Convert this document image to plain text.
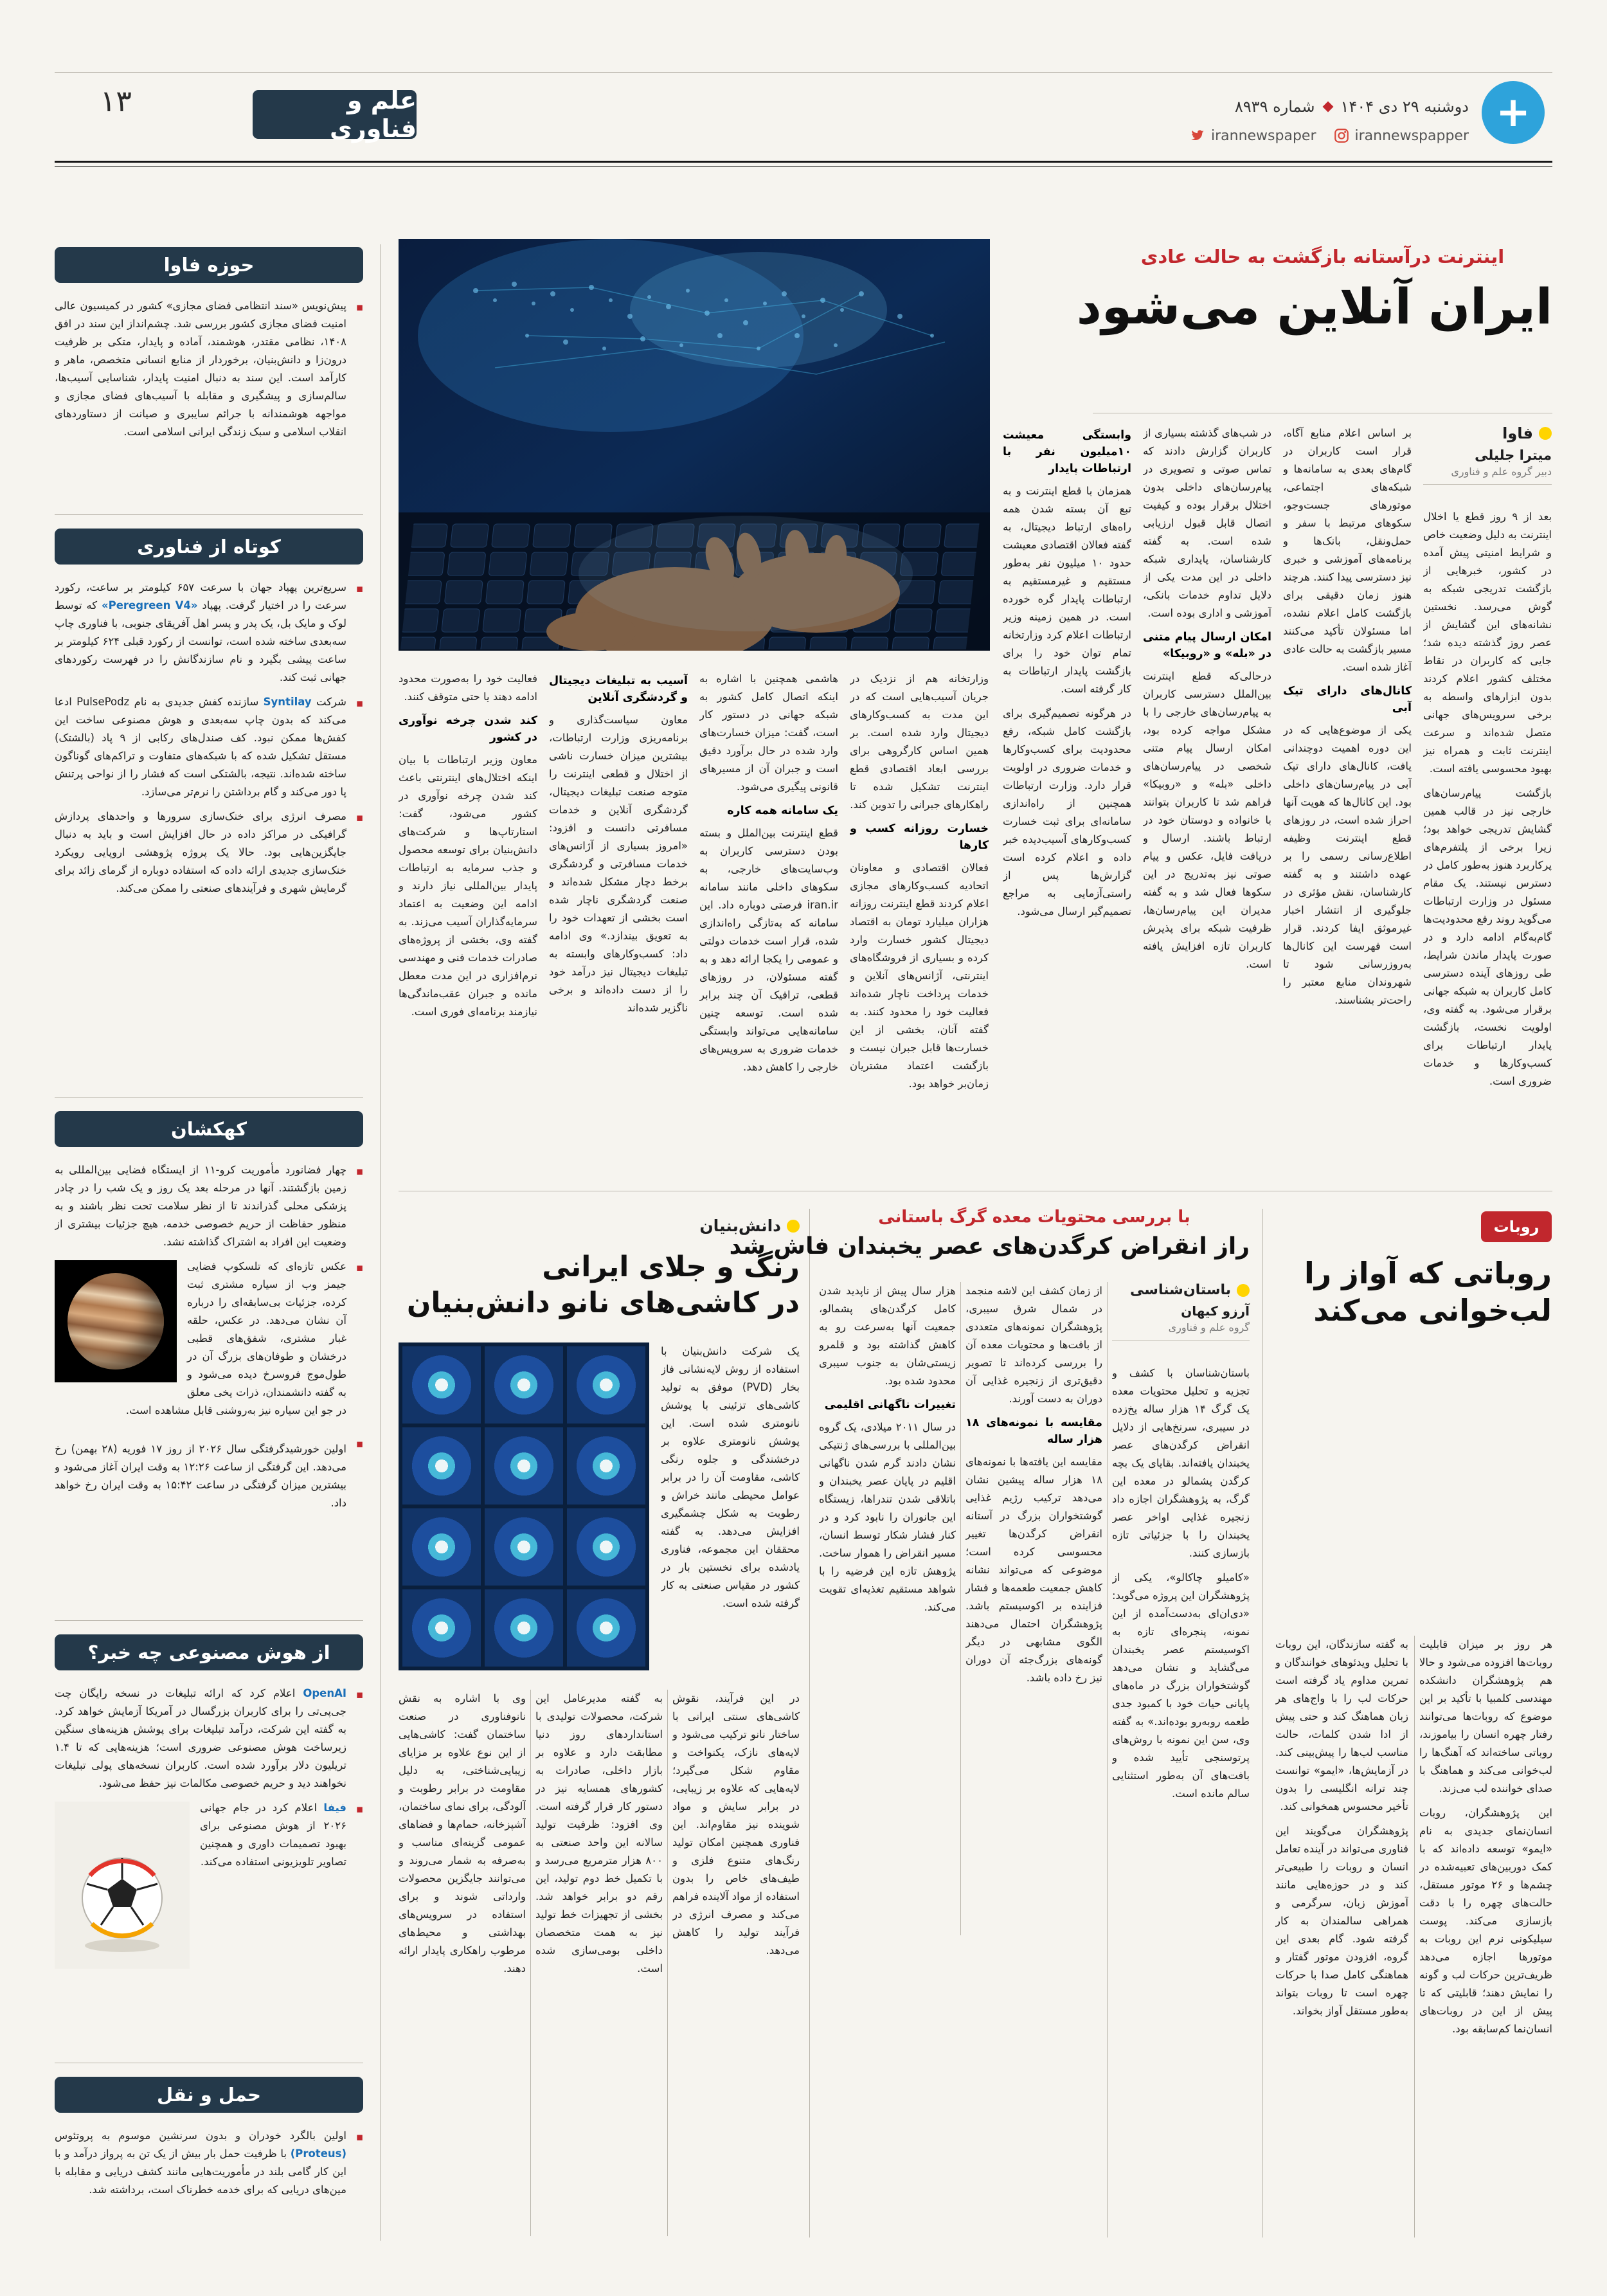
۱۳	علم و فناوری
دوشنبه ۲۹ دی ۱۴۰۴شماره ۸۹۳۹
irannewspaper	irannewspapper +
اینترنت درآستانه بازگشت به حالت عادی
ایران آنلاین می‌شود
فاوا
میترا جلیلی
دبیر گروه علم و فناوری

بعد از ۹ روز قطع یا اخلال اینترنت به دلیل وضعیت خاص و شرایط امنیتی پیش آمده در کشور، خبرهایی از بازگشت تدریجی شبکه به گوش می‌رسد. نخستین نشانه‌های این گشایش از عصر روز گذشته دیده شد؛ جایی که کاربران در نقاط مختلف کشور اعلام کردند بدون ابزارهای واسطه به برخی سرویس‌های جهانی متصل شده‌اند و سرعت اینترنت ثابت و همراه نیز بهبود محسوسی یافته است.

بازگشت پیام‌رسان‌های خارجی نیز در قالب همین گشایش تدریجی خواهد بود؛ زیرا برخی از پلتفرم‌های پرکاربرد هنوز به‌طور کامل در دسترس نیستند. یک مقام مسئول در وزارت ارتباطات می‌گوید روند رفع محدودیت‌ها گام‌به‌گام ادامه دارد و در صورت پایدار ماندن شرایط، طی روزهای آینده دسترسی کامل کاربران به شبکه جهانی برقرار می‌شود. به گفته وی، اولویت نخست، بازگشت پایدار ارتباطات برای کسب‌وکارها و خدمات ضروری است.

بر اساس اعلام منابع آگاه، قرار است کاربران در گام‌های بعدی به سامانه‌ها و شبکه‌های اجتماعی، موتورهای جست‌وجو، سکوهای مرتبط با سفر و حمل‌ونقل، بانک‌ها و برنامه‌های آموزشی و خبری نیز دسترسی پیدا کنند. هرچند هنوز زمان دقیقی برای بازگشت کامل اعلام نشده، اما مسئولان تأکید می‌کنند مسیر بازگشت به حالت عادی آغاز شده است.

کانال‌های دارای تیک آبی

یکی از موضوع‌هایی که در این دوره اهمیت دوچندانی یافت، کانال‌های دارای تیک آبی در پیام‌رسان‌های داخلی بود. این کانال‌ها که هویت آنها احراز شده است، در روزهای قطع اینترنت وظیفه اطلاع‌رسانی رسمی را بر عهده داشتند و به گفته کارشناسان، نقش مؤثری در جلوگیری از انتشار اخبار غیرموثق ایفا کردند. قرار است فهرست این کانال‌ها به‌روزرسانی شود تا شهروندان منابع معتبر را راحت‌تر بشناسند.

در شب‌های گذشته بسیاری از کاربران گزارش دادند که تماس صوتی و تصویری در پیام‌رسان‌های داخلی بدون اختلال برقرار بوده و کیفیت اتصال قابل قبول ارزیابی شده است. به گفته کارشناسان، پایداری شبکه داخلی در این مدت یکی از دلایل تداوم خدمات بانکی، آموزشی و اداری بوده است.

امکان ارسال پیام متنی در «بله» و «روبیکا»

درحالی‌که قطع اینترنت بین‌الملل دسترسی کاربران به پیام‌رسان‌های خارجی را با مشکل مواجه کرده بود، امکان ارسال پیام متنی شخصی در پیام‌رسان‌های داخلی «بله» و «روبیکا» فراهم شد تا کاربران بتوانند با خانواده و دوستان خود در ارتباط باشند. ارسال و دریافت فایل، عکس و پیام صوتی نیز به‌تدریج در این سکوها فعال شد و به گفته مدیران این پیام‌رسان‌ها، ظرفیت شبکه برای پذیرش کاربران تازه افزایش یافته است.

وابستگی معیشت ۱۰میلیون نفر با ارتباطات پایدار

همزمان با قطع اینترنت و به تبع آن بسته شدن همه راه‌های ارتباط دیجیتال، به گفته فعالان اقتصادی معیشت حدود ۱۰ میلیون نفر به‌طور مستقیم و غیرمستقیم به ارتباطات پایدار گره خورده است. در همین زمینه وزیر ارتباطات اعلام کرد وزارتخانه تمام توان خود را برای بازگشت پایدار ارتباطات به کار گرفته است.

در هرگونه تصمیم‌گیری برای بازگشت کامل شبکه، رفع محدودیت برای کسب‌وکارها و خدمات ضروری در اولویت قرار دارد. وزارت ارتباطات همچنین از راه‌اندازی سامانه‌ای برای ثبت خسارت کسب‌وکارهای آسیب‌دیده خبر داده و اعلام کرده است گزارش‌ها پس از راستی‌آزمایی به مراجع تصمیم‌گیر ارسال می‌شود.

وزارتخانه هم از نزدیک در جریان آسیب‌هایی است که در این مدت به کسب‌وکارهای دیجیتال وارد شده است. بر همین اساس کارگروهی برای بررسی ابعاد اقتصادی قطع اینترنت تشکیل شده تا راهکارهای جبرانی را تدوین کند.

خسارت روزانه کسب و کارها

فعالان اقتصادی و معاونان اتحادیه کسب‌وکارهای مجازی اعلام کردند قطع اینترنت روزانه هزاران میلیارد تومان به اقتصاد دیجیتال کشور خسارت وارد کرده و بسیاری از فروشگاه‌های اینترنتی، آژانس‌های آنلاین و خدمات پرداخت ناچار شده‌اند فعالیت خود را محدود کنند. به گفته آنان، بخشی از این خسارت‌ها قابل جبران نیست و بازگشت اعتماد مشتریان زمان‌بر خواهد بود.

هاشمی همچنین با اشاره به اینکه اتصال کامل کشور به شبکه جهانی در دستور کار است، گفت: میزان خسارت‌های وارد شده در حال برآورد دقیق است و جبران آن از مسیرهای قانونی پیگیری می‌شود.

یک سامانه همه کاره

قطع اینترنت بین‌الملل و بسته بودن دسترسی کاربران به وب‌سایت‌های خارجی، به سکوهای داخلی مانند سامانه iran.ir فرصتی دوباره داد. این سامانه که به‌تازگی راه‌اندازی شده، قرار است خدمات دولتی و عمومی را یکجا ارائه دهد و به گفته مسئولان، در روزهای قطعی، ترافیک آن چند برابر شده است. توسعه چنین سامانه‌هایی می‌تواند وابستگی خدمات ضروری به سرویس‌های خارجی را کاهش دهد.

آسیب به تبلیغات دیجیتال و گردشگری آنلاین

معاون سیاست‌گذاری و برنامه‌ریزی وزارت ارتباطات، بیشترین میزان خسارت ناشی از اختلال و قطعی اینترنت را متوجه صنعت تبلیغات دیجیتال، گردشگری آنلاین و خدمات مسافرتی دانست و افزود: «امروز بسیاری از آژانس‌های خدمات مسافرتی و گردشگری برخط دچار مشکل شده‌اند و صنعت گردشگری ناچار شده است بخشی از تعهدات خود را به تعویق بیندازد.» وی ادامه داد: کسب‌وکارهای وابسته به تبلیغات دیجیتال نیز درآمد خود را از دست داده‌اند و برخی ناگزیر شده‌اند

فعالیت خود را به‌صورت محدود ادامه دهند یا حتی متوقف کنند.

کند شدن چرخه نوآوری در کشور

معاون وزیر ارتباطات با بیان اینکه اختلال‌های اینترنتی باعث کند شدن چرخه نوآوری در کشور می‌شود، گفت: استارتاپ‌ها و شرکت‌های دانش‌بنیان برای توسعه محصول و جذب سرمایه به ارتباطات پایدار بین‌المللی نیاز دارند و ادامه این وضعیت به اعتماد سرمایه‌گذاران آسیب می‌زند. به گفته وی، بخشی از پروژه‌های صادرات خدمات فنی و مهندسی نرم‌افزاری در این مدت معطل مانده و جبران عقب‌ماندگی‌ها نیازمند برنامه‌ای فوری است.

حوزه فاوا

◼ پیش‌نویس «سند انتظامی فضای مجازی» کشور در کمیسیون عالی امنیت فضای مجازی کشور بررسی شد. چشم‌انداز این سند در افق ۱۴۰۸، نظامی مقتدر، هوشمند، آماده و پایدار، متکی بر ظرفیت درون‌زا و دانش‌بنیان، برخوردار از منابع انسانی متخصص، ماهر و کارآمد است. این سند به دنبال امنیت پایدار، شناسایی آسیب‌ها، سالم‌سازی و پیشگیری و مقابله با آسیب‌های فضای مجازی و مواجهه هوشمندانه با جرائم سایبری و صیانت از دستاوردهای انقلاب اسلامی و سبک زندگی ایرانی اسلامی است.

کوتاه از فناوری

◼ سریع‌ترین پهپاد جهان با سرعت ۶۵۷ کیلومتر بر ساعت، رکورد سرعت را در اختیار گرفت. پهپاد «Peregreen V4» که توسط لوک و مایک بل، یک پدر و پسر اهل آفریقای جنوبی، با فناوری چاپ سه‌بعدی ساخته شده است، توانست از رکورد قبلی ۶۲۴ کیلومتر بر ساعت پیشی بگیرد و نام سازندگانش را در فهرست رکوردهای جهانی ثبت کند.

◼ شرکت Syntilay سازنده کفش جدیدی به نام PulsePodz ادعا می‌کند که بدون چاپ سه‌بعدی و هوش مصنوعی ساخت این کفش‌ها ممکن نبود. کف صندل‌های رکابی از ۹ پاد (بالشتک) مستقل تشکیل شده که با شبکه‌های متفاوت و تراکم‌های گوناگون ساخته شده‌اند. نتیجه، بالشتکی است که فشار را از نواحی پرتنش پا دور می‌کند و گام برداشتن را نرم‌تر می‌سازد.

◼ مصرف انرژی برای خنک‌سازی سرورها و واحدهای پردازش گرافیکی در مراکز داده در حال افزایش است و باید به دنبال جایگزین‌هایی بود. حالا یک پروژه پژوهشی اروپایی رویکرد خنک‌سازی جدیدی ارائه داده که استفاده دوباره از گرمای زائد برای گرمایش شهری و فرآیندهای صنعتی را ممکن می‌کند.

کهکشان

◼ چهار فضانورد مأموریت کرو-۱۱ از ایستگاه فضایی بین‌المللی به زمین بازگشتند. آنها در مرحله بعد یک روز و یک شب را در چادر پزشکی محلی گذراندند تا از نظر سلامت تحت نظر باشند و به منظور حفاظت از حریم خصوصی خدمه، هیچ جزئیات بیشتری از وضعیت این افراد به اشتراک گذاشته نشد.

◼ عکس تازه‌ای که تلسکوپ فضایی جیمز وب از سیاره مشتری ثبت کرده، جزئیات بی‌سابقه‌ای را درباره آن نشان می‌دهد. در عکس، حلقه غبار مشتری، شفق‌های قطبی درخشان و طوفان‌های بزرگ آن در طول‌موج فروسرخ دیده می‌شود و به گفته دانشمندان، ذرات یخی معلق در جو این سیاره نیز به‌روشنی قابل مشاهده است.

◼ اولین خورشیدگرفتگی سال ۲۰۲۶ از روز ۱۷ فوریه (۲۸ بهمن) رخ می‌دهد. این گرفتگی از ساعت ۱۲:۲۶ به وقت ایران آغاز می‌شود و بیشترین میزان گرفتگی در ساعت ۱۵:۴۲ به وقت ایران رخ خواهد داد.

از هوش مصنوعی چه خبر؟

◼ OpenAI اعلام کرد که ارائه تبلیغات در نسخه رایگان چت جی‌پی‌تی را برای کاربران بزرگسال در آمریکا آزمایش خواهد کرد. به گفته این شرکت، درآمد تبلیغات برای پوشش هزینه‌های سنگین زیرساخت هوش مصنوعی ضروری است؛ هزینه‌هایی که تا ۱.۴ تریلیون دلار برآورد شده است. کاربران نسخه‌های پولی تبلیغات نخواهند دید و حریم خصوصی مکالمات نیز حفظ می‌شود.

◼ فیفا اعلام کرد در جام جهانی ۲۰۲۶ از هوش مصنوعی برای بهبود تصمیمات داوری و همچنین تصاویر تلویزیونی استفاده می‌کند.
حمل و نقل

◼ اولین بالگرد خودران و بدون سرنشین موسوم به پروتئوس (Proteus) با ظرفیت حمل بار بیش از یک تن به پرواز درآمد و با این کار گامی بلند در مأموریت‌هایی مانند کشف دریایی و مقابله با مین‌های دریایی که برای خدمه خطرناک است، برداشته شد.

دانش‌بنیان
رنگ و جلای ایرانی
در کاشی‌های نانو دانش‌بنیان

یک شرکت دانش‌بنیان با استفاده از روش لایه‌نشانی فاز بخار (PVD) موفق به تولید کاشی‌های تزئینی با پوشش نانومتری شده است. این پوشش نانومتری علاوه بر درخشندگی و جلوه رنگی کاشی، مقاومت آن را در برابر عوامل محیطی مانند خراش و رطوبت به شکل چشمگیری افزایش می‌دهد. به گفته محققان این مجموعه، فناوری یادشده برای نخستین بار در کشور در مقیاس صنعتی به کار گرفته شده است.

در این فرآیند، نقوش کاشی‌های سنتی ایرانی با ساختار نانو ترکیب می‌شود و لایه‌های نازک، یکنواخت و مقاوم شکل می‌گیرد؛ لایه‌هایی که علاوه بر زیبایی، در برابر سایش و مواد شوینده نیز مقاوم‌اند. این فناوری همچنین امکان تولید رنگ‌های متنوع فلزی و طیف‌های خاص را بدون استفاده از مواد آلاینده فراهم می‌کند و مصرف انرژی در فرآیند تولید را کاهش می‌دهد.

به گفته مدیرعامل این شرکت، محصولات تولیدی با استانداردهای روز دنیا مطابقت دارد و علاوه بر بازار داخلی، صادرات به کشورهای همسایه نیز در دستور کار قرار گرفته است. وی افزود: ظرفیت تولید سالانه این واحد صنعتی به ۸۰۰ هزار مترمربع می‌رسد و با تکمیل خط دوم تولید، این رقم دو برابر خواهد شد. بخشی از تجهیزات خط تولید نیز به همت متخصصان داخلی بومی‌سازی شده است.

وی با اشاره به نقش نانوفناوری در صنعت ساختمان گفت: کاشی‌هایی از این نوع علاوه بر مزایای زیبایی‌شناختی، به دلیل مقاومت در برابر رطوبت و آلودگی، برای نمای ساختمان، آشپزخانه، حمام‌ها و فضاهای عمومی گزینه‌ای مناسب و به‌صرفه به شمار می‌روند و می‌توانند جایگزین محصولات وارداتی شوند و برای استفاده در سرویس‌های بهداشتی و محیط‌های مرطوب راهکاری پایدار ارائه دهند.

با بررسی محتویات معده گرگ باستانی
راز انقراض کرگدن‌های عصر یخبندان فاش شد
باستان‌شناسی
آرزو کیهان
گروه علم و فناوری

باستان‌شناسان با کشف و تجزیه و تحلیل محتویات معده یک گرگ ۱۴ هزار ساله یخ‌زده در سیبری، سرنخ‌هایی از دلایل انقراض کرگدن‌های عصر یخبندان یافته‌اند. بقایای یک بچه کرگدن پشمالو در معده این گرگ، به پژوهشگران اجازه داد زنجیره غذایی اواخر عصر یخبندان را با جزئیاتی تازه بازسازی کنند.

«کامیلو چاکالو»، یکی از پژوهشگران این پروژه می‌گوید: «دی‌ان‌ای به‌دست‌آمده از این نمونه، پنجره‌ای تازه به اکوسیستم عصر یخبندان می‌گشاید و نشان می‌دهد گوشتخواران بزرگ در ماه‌های پایانی حیات خود با کمبود جدی طعمه روبه‌رو بوده‌اند.» به گفته وی، سن این نمونه با روش‌های پرتوسنجی تأیید شده و بافت‌های آن به‌طور استثنایی سالم مانده است.

از زمان کشف این لاشه منجمد در شمال شرق سیبری، پژوهشگران نمونه‌های متعددی از بافت‌ها و محتویات معده آن را بررسی کرده‌اند تا تصویر دقیق‌تری از زنجیره غذایی آن دوران به دست آورند.

مقایسه با نمونه‌های ۱۸ هزار ساله

مقایسه این یافته‌ها با نمونه‌های ۱۸ هزار ساله پیشین نشان می‌دهد ترکیب رژیم غذایی گوشتخواران بزرگ در آستانه انقراض کرگدن‌ها تغییر محسوسی کرده است؛ موضوعی که می‌تواند نشانه کاهش جمعیت طعمه‌ها و فشار فزاینده بر اکوسیستم باشد. پژوهشگران احتمال می‌دهند الگوی مشابهی در دیگر گونه‌های بزرگ‌جثه آن دوران نیز رخ داده باشد.

هزار سال پیش از ناپدید شدن کامل کرگدن‌های پشمالو، جمعیت آنها به‌سرعت رو به کاهش گذاشته بود و قلمرو زیستی‌شان به جنوب سیبری محدود شده بود.

تغییرات ناگهانی اقلیمی

در سال ۲۰۱۱ میلادی، یک گروه بین‌المللی با بررسی‌های ژنتیکی نشان دادند گرم شدن ناگهانی اقلیم در پایان عصر یخبندان و باتلاقی شدن تندراها، زیستگاه این جانوران را نابود کرد و در کنار فشار شکار توسط انسان، مسیر انقراض را هموار ساخت. پژوهش تازه این فرضیه را با شواهد مستقیم تغذیه‌ای تقویت می‌کند.

روبات
روباتی که آواز را
لب‌خوانی می‌کند

هر روز بر میزان قابلیت روبات‌ها افزوده می‌شود و حالا هم پژوهشگران دانشکده مهندسی کلمبیا با تأکید بر این موضوع که روبات‌ها می‌توانند رفتار چهره انسان را بیاموزند، روباتی ساخته‌اند که آهنگ‌ها را لب‌خوانی می‌کند و هماهنگ با صدای خواننده لب می‌زند.

این پژوهشگران، روبات انسان‌نمای جدیدی به نام «ایمو» توسعه داده‌اند که با کمک دوربین‌های تعبیه‌شده در چشم‌ها و ۲۶ موتور مستقل، حالت‌های چهره را با دقت بازسازی می‌کند. پوست سیلیکونی نرم این روبات به موتورها اجازه می‌دهد ظریف‌ترین حرکات لب و گونه را نمایش دهند؛ قابلیتی که تا پیش از این در روبات‌های انسان‌نما کم‌سابقه بود.

به گفته سازندگان، این روبات با تحلیل ویدئوهای خوانندگان و تمرین مداوم یاد گرفته است حرکات لب را با واج‌های هر زبان هماهنگ کند و حتی پیش از ادا شدن کلمات، حالت مناسب لب‌ها را پیش‌بینی کند. در آزمایش‌ها، «ایمو» توانست چند ترانه انگلیسی را بدون تأخیر محسوس همخوانی کند.

پژوهشگران می‌گویند این فناوری می‌تواند در آینده تعامل انسان و روبات را طبیعی‌تر کند و در حوزه‌هایی مانند آموزش زبان، سرگرمی و همراهی سالمندان به کار گرفته شود. گام بعدی این گروه، افزودن موتور گفتار و هماهنگی کامل صدا با حرکات چهره است تا روبات بتواند به‌طور مستقل آواز بخواند.
